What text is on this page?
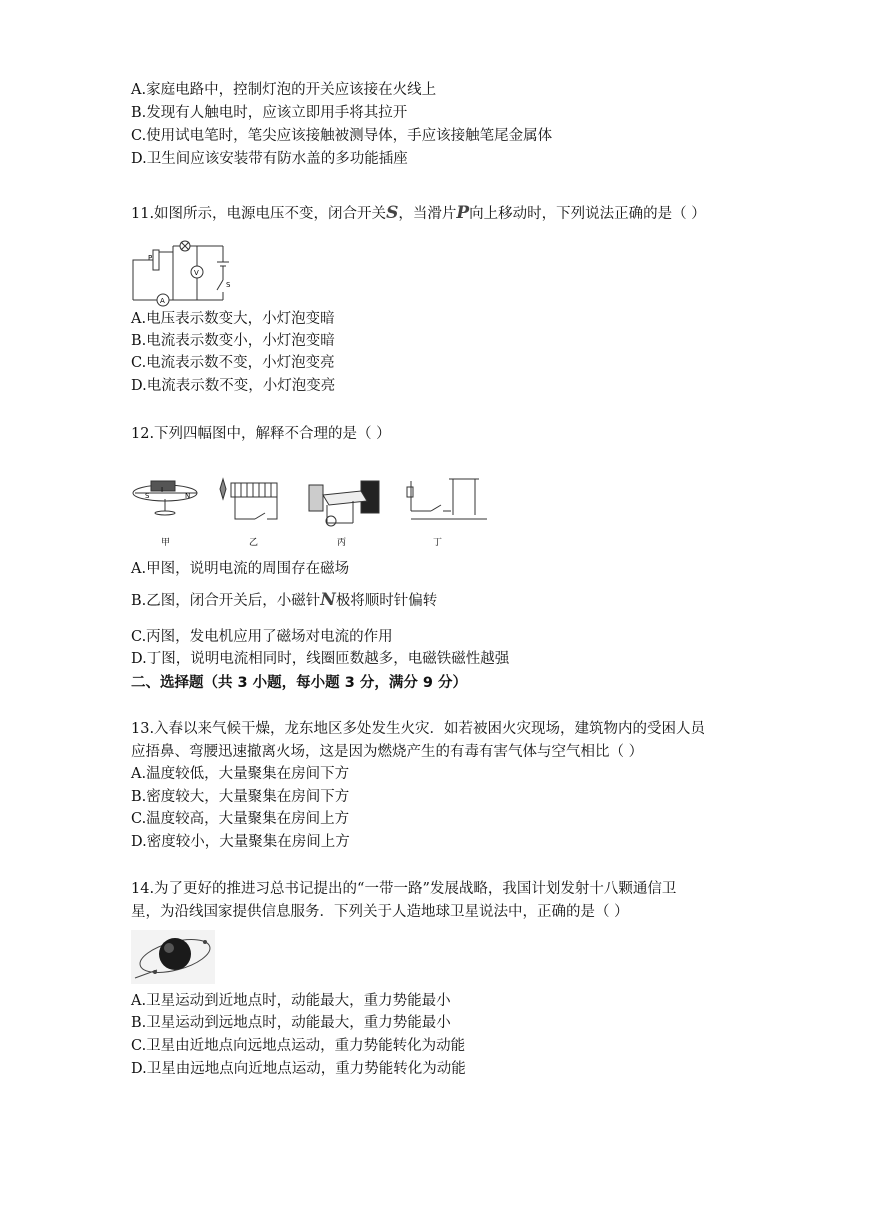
A.家庭电路中，控制灯泡的开关应该接在火线上
B.发现有人触电时，应该立即用手将其拉开
C.使用试电笔时，笔尖应该接触被测导体，手应该接触笔尾金属体
D.卫生间应该安装带有防水盖的多功能插座
11.如图所示，电源电压不变，闭合开关S，当滑片P向上移动时，下列说法正确的是（ ）
P
V
A
S
A.电压表示数变大，小灯泡变暗
B.电流表示数变小，小灯泡变暗
C.电流表示数不变，小灯泡变亮
D.电流表示数不变，小灯泡变亮
12.下列四幅图中，解释不合理的是（ ）
S
I
N
甲	乙	丙	丁
A.甲图，说明电流的周围存在磁场
B.乙图，闭合开关后，小磁针N极将顺时针偏转
C.丙图，发电机应用了磁场对电流的作用
D.丁图，说明电流相同时，线圈匝数越多，电磁铁磁性越强
二、选择题（共 3 小题，每小题 3 分，满分 9 分）
13.入春以来气候干燥，龙东地区多处发生火灾．如若被困火灾现场，建筑物内的受困人员
应捂鼻、弯腰迅速撤离火场，这是因为燃烧产生的有毒有害气体与空气相比（ ）
A.温度较低，大量聚集在房间下方
B.密度较大，大量聚集在房间下方
C.温度较高，大量聚集在房间上方
D.密度较小，大量聚集在房间上方
14.为了更好的推进习总书记提出的“一带一路”发展战略，我国计划发射十八颗通信卫
星，为沿线国家提供信息服务．下列关于人造地球卫星说法中，正确的是（ ）
A.卫星运动到近地点时，动能最大，重力势能最小
B.卫星运动到远地点时，动能最大，重力势能最小
C.卫星由近地点向远地点运动，重力势能转化为动能
D.卫星由远地点向近地点运动，重力势能转化为动能
